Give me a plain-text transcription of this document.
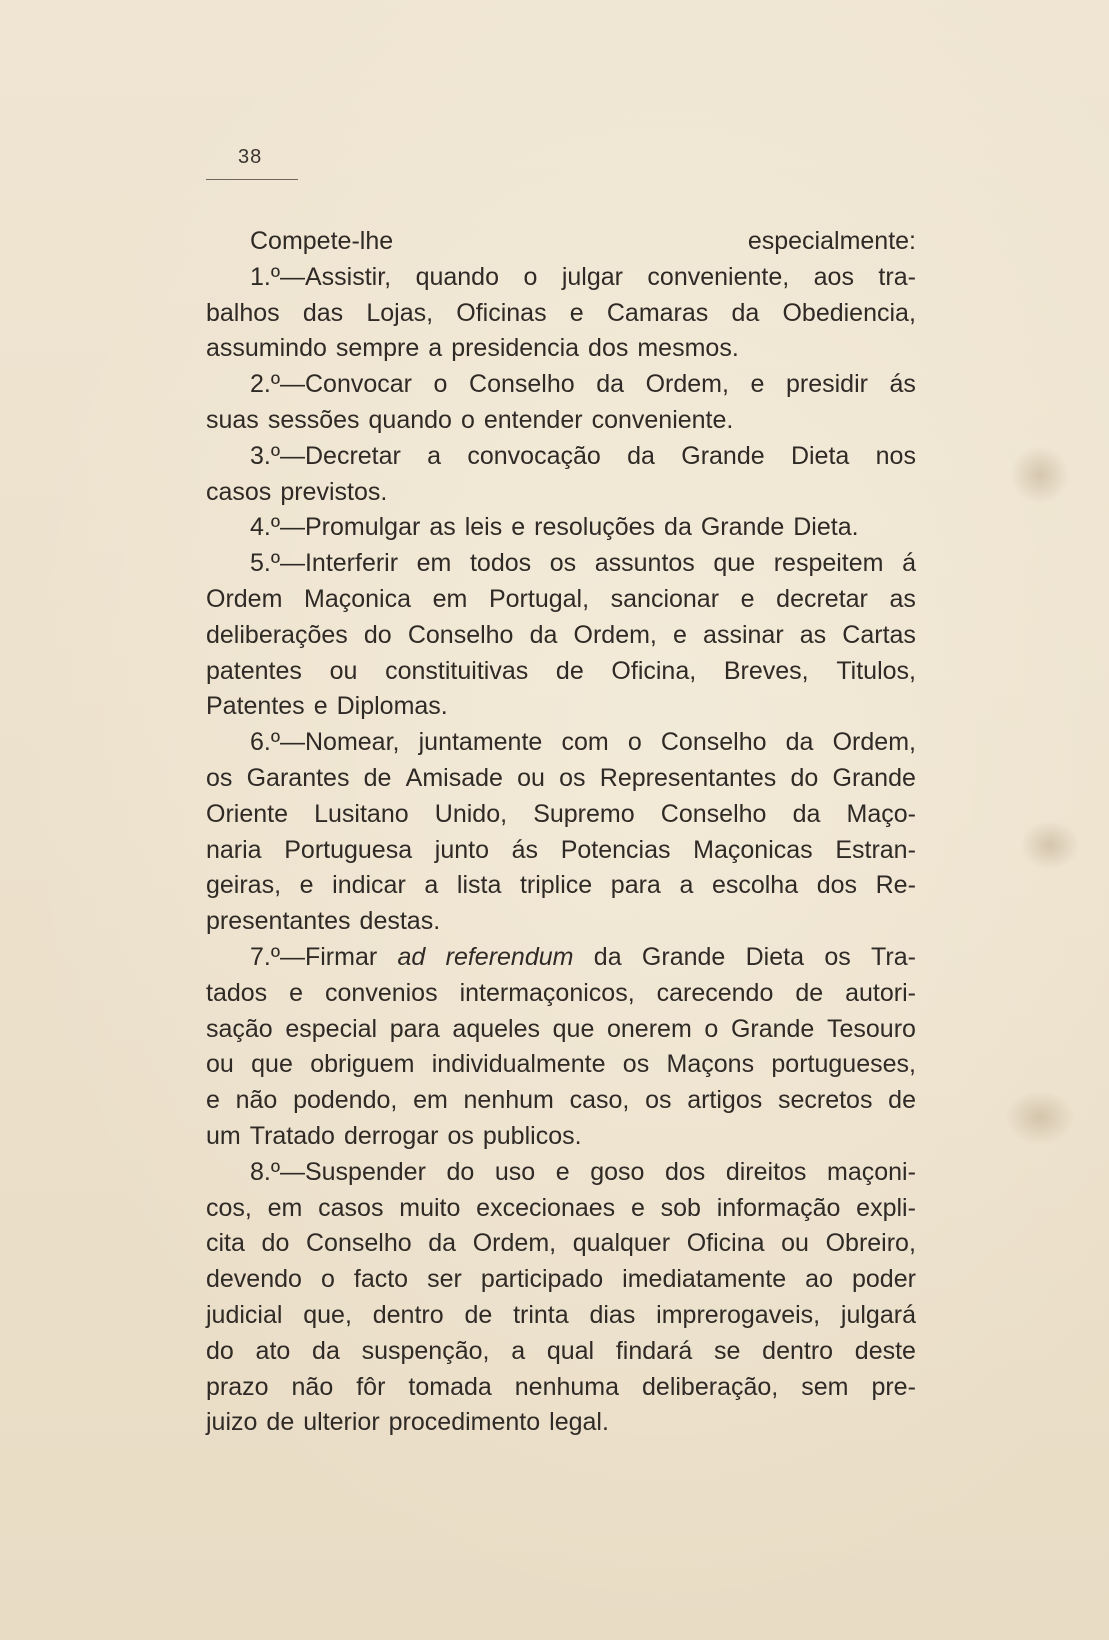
38
Compete-lhe	especialmente:
1.º—Assistir, quando o julgar conveniente, aos tra-
balhos das Lojas, Oficinas e Camaras da Obediencia,
assumindo sempre a presidencia dos mesmos.
2.º—Convocar o Conselho da Ordem, e presidir ás
suas sessões quando o entender conveniente.
3.º—Decretar a convocação da Grande Dieta nos
casos previstos.
4.º—Promulgar as leis e resoluções da Grande Dieta.
5.º—Interferir em todos os assuntos que respeitem á
Ordem Maçonica em Portugal, sancionar e decretar as
deliberações do Conselho da Ordem, e assinar as Cartas
patentes ou constituitivas de Oficina, Breves, Titulos,
Patentes e Diplomas.
6.º—Nomear, juntamente com o Conselho da Ordem,
os Garantes de Amisade ou os Representantes do Grande
Oriente Lusitano Unido, Supremo Conselho da Maço-
naria Portuguesa junto ás Potencias Maçonicas Estran-
geiras, e indicar a lista triplice para a escolha dos Re-
presentantes destas.
7.º—Firmar ad referendum da Grande Dieta os Tra-
tados e convenios intermaçonicos, carecendo de autori-
sação especial para aqueles que onerem o Grande Tesouro
ou que obriguem individualmente os Maçons portugueses,
e não podendo, em nenhum caso, os artigos secretos de
um Tratado derrogar os publicos.
8.º—Suspender do uso e goso dos direitos maçoni-
cos, em casos muito excecionaes e sob informação expli-
cita do Conselho da Ordem, qualquer Oficina ou Obreiro,
devendo o facto ser participado imediatamente ao poder
judicial que, dentro de trinta dias imprerogaveis, julgará
do ato da suspenção, a qual findará se dentro deste
prazo não fôr tomada nenhuma deliberação, sem pre-
juizo de ulterior procedimento legal.
